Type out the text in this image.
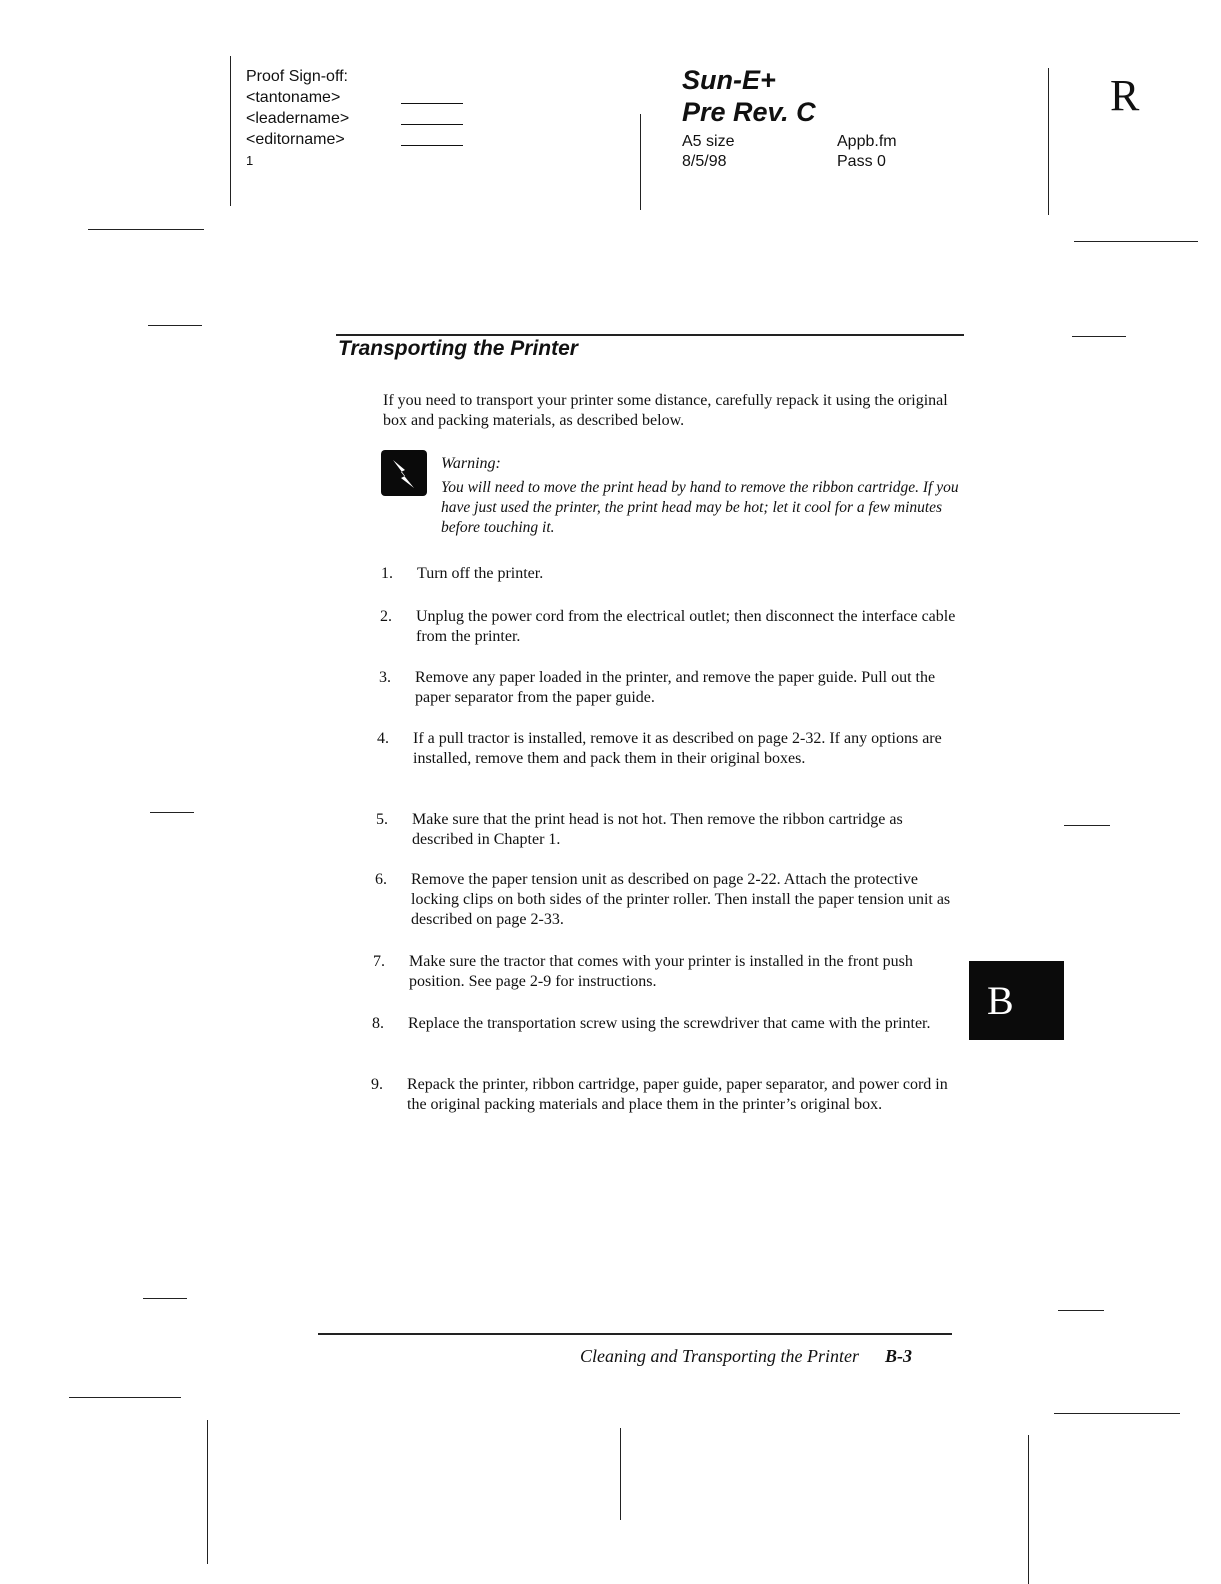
Proof Sign-off:
<tantoname>
<leadername>
<editorname>
1
Sun-E+
Pre Rev. C
A5 size	Appb.fm
8/5/98	Pass 0
R
Transporting the Printer
If you need to transport your printer some distance, carefully repack it using the original box and packing materials, as described below.
Warning:
You will need to move the print head by hand to remove the ribbon cartridge. If you have just used the printer, the print head may be hot; let it cool for a few minutes before touching it.
1.	Turn off the printer.
2.	Unplug the power cord from the electrical outlet; then disconnect the interface cable from the printer.
3.	Remove any paper loaded in the printer, and remove the paper guide. Pull out the paper separator from the paper guide.
4.	If a pull tractor is installed, remove it as described on page 2-32. If any options are installed, remove them and pack them in their original boxes.
5.	Make sure that the print head is not hot. Then remove the ribbon cartridge as described in Chapter 1.
6.	Remove the paper tension unit as described on page 2-22. Attach the protective locking clips on both sides of the printer roller. Then install the paper tension unit as described on page 2-33.
7.	Make sure the tractor that comes with your printer is installed in the front push position. See page 2-9 for instructions.
8.	Replace the transportation screw using the screwdriver that came with the printer.
9.	Repack the printer, ribbon cartridge, paper guide, paper separator, and power cord in the original packing materials and place them in the printer’s original box.
B
Cleaning and Transporting the Printer B-3
